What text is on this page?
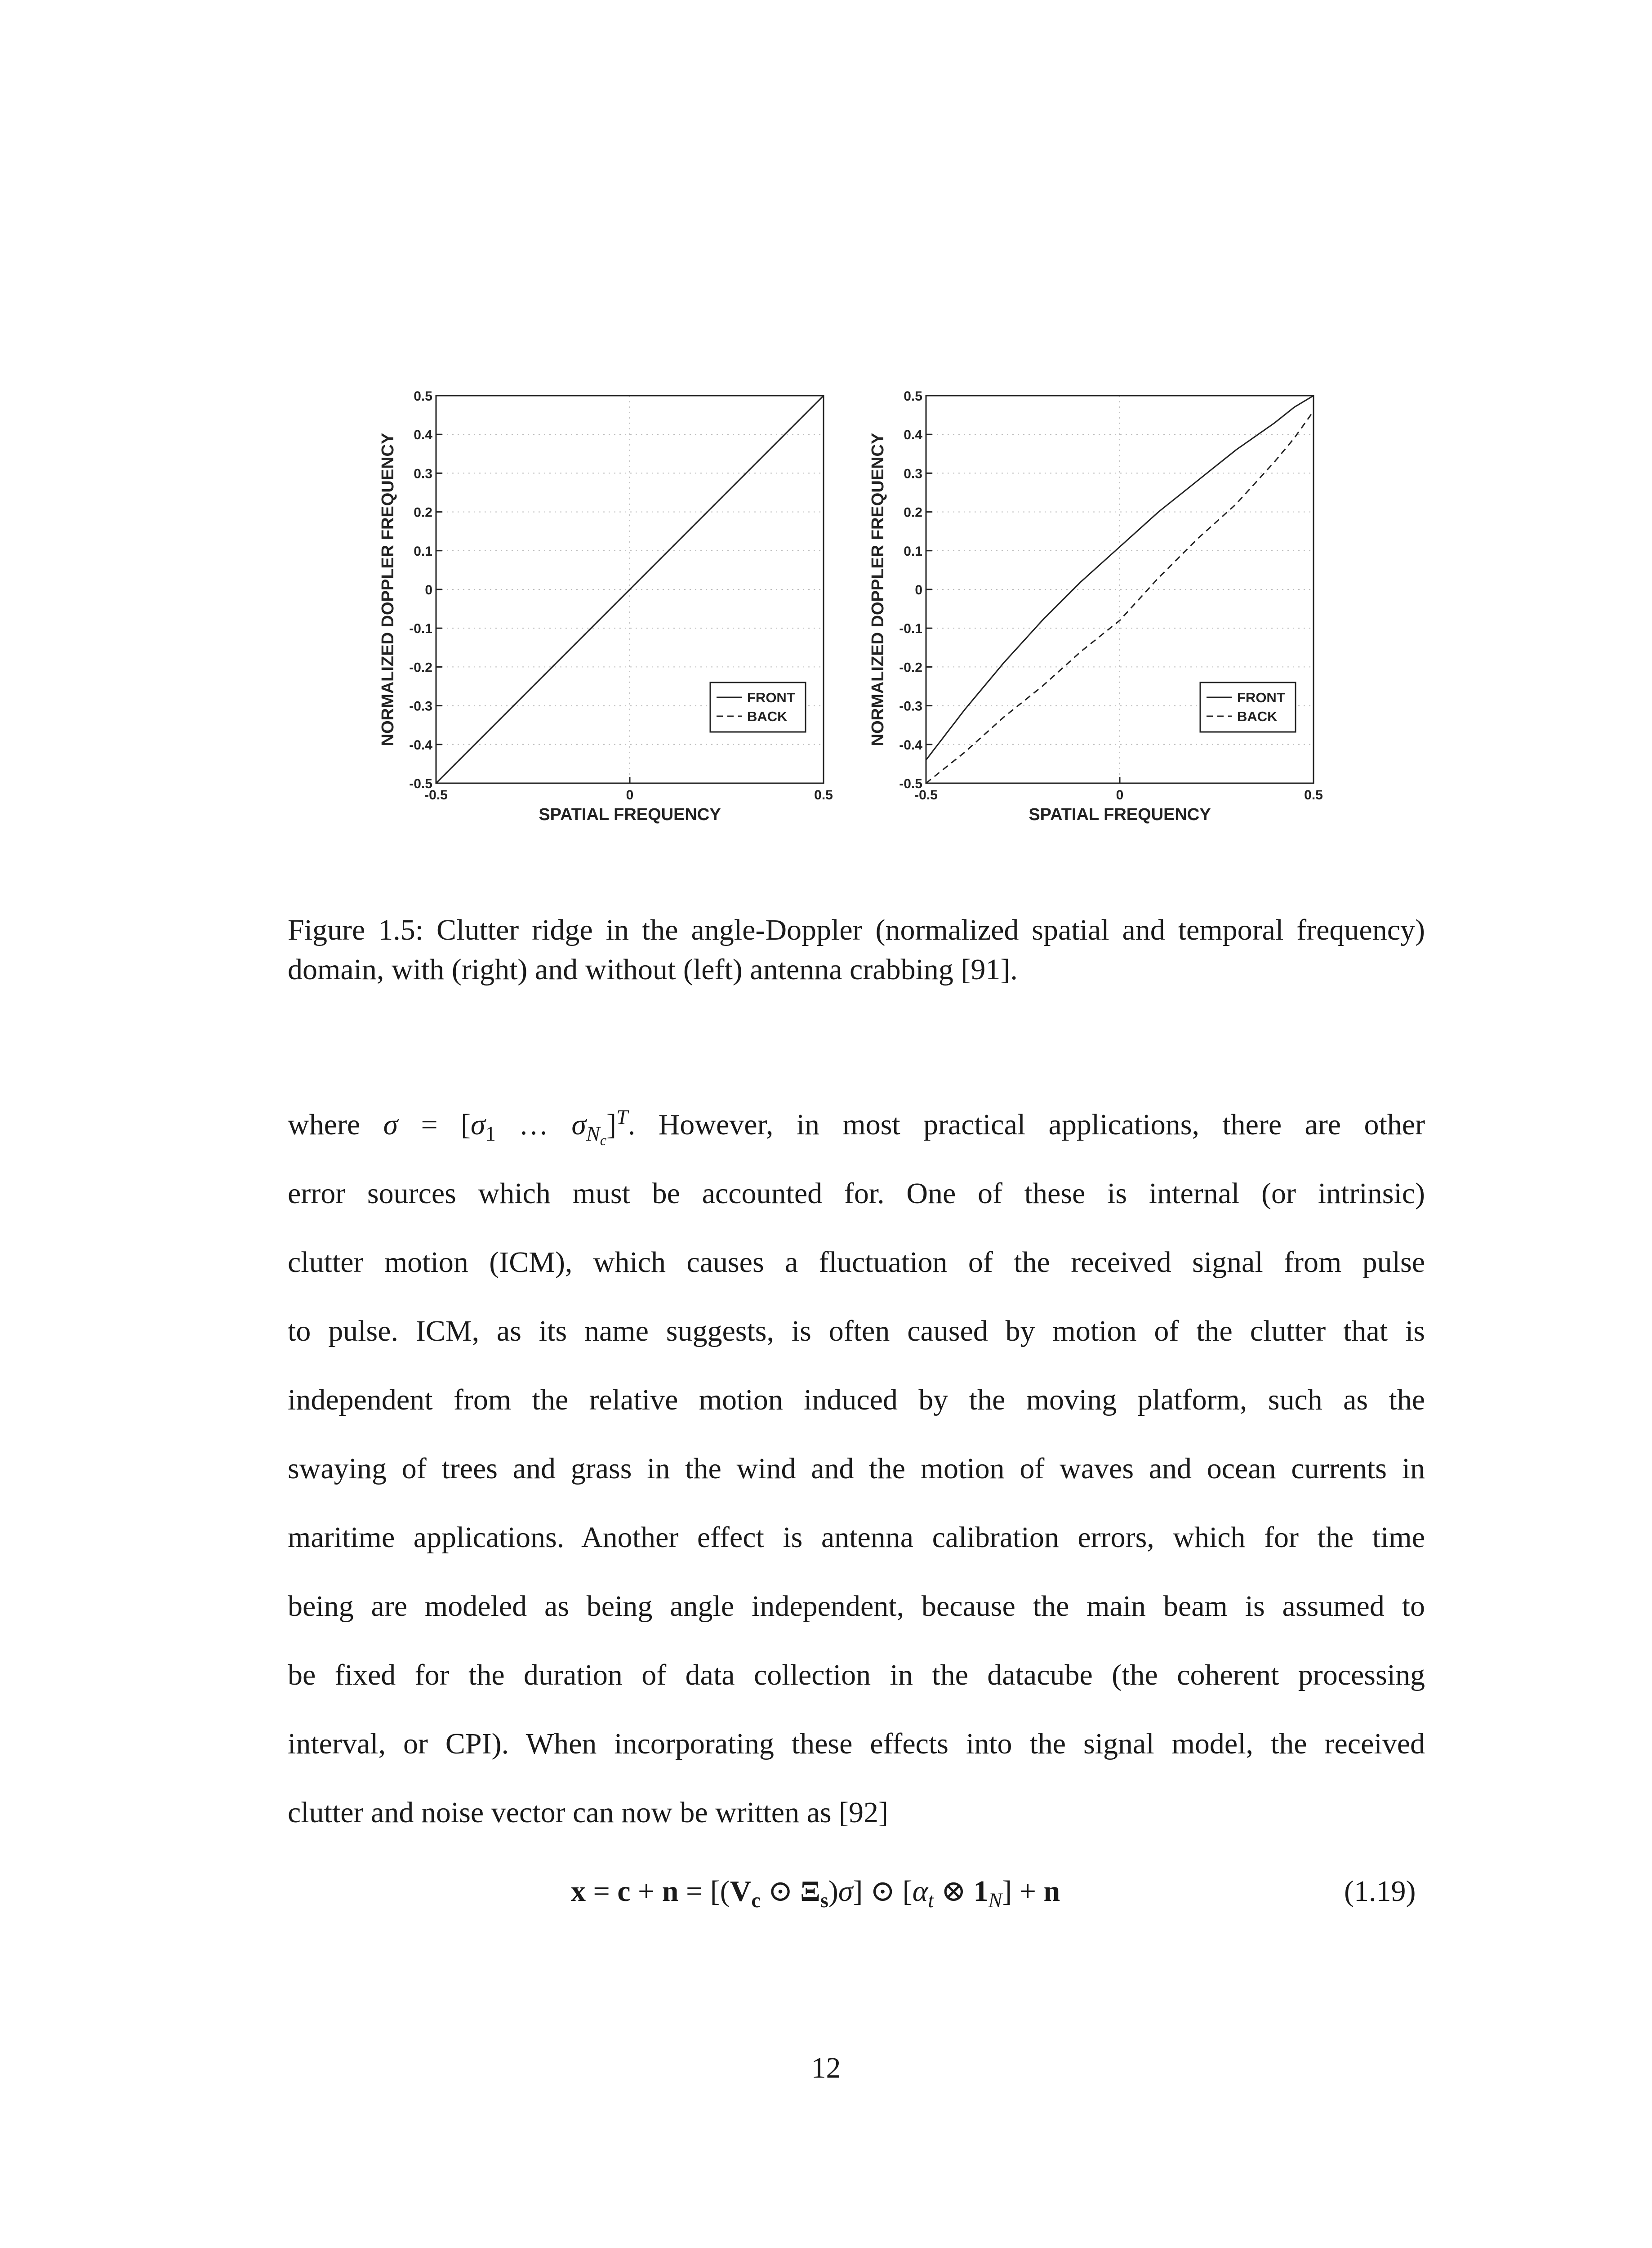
0.5
0.4
0.3
0.2
0.1
0
-0.1
-0.2
-0.3
-0.4
-0.5
-0.5	0	0.5
SPATIAL FREQUENCY
NORMALIZED DOPPLER FREQUENCY	FRONT
BACK
0.5
0.4
0.3
0.2
0.1
0
-0.1
-0.2
-0.3
-0.4
-0.5
-0.5	0	0.5
SPATIAL FREQUENCY
NORMALIZED DOPPLER FREQUENCY	FRONT
BACK
Figure 1.5: Clutter ridge in the angle-Doppler (normalized spatial and temporal frequency) domain, with (right) and without (left) antenna crabbing [91].
where $\sigma = [\sigma_1$ … $\sigma_{N_c}]^T$. However, in most practical applications, there are other
error sources which must be accounted for. One of these is internal (or intrinsic)
clutter motion (ICM), which causes a fluctuation of the received signal from pulse
to pulse. ICM, as its name suggests, is often caused by motion of the clutter that is
independent from the relative motion induced by the moving platform, such as the
swaying of trees and grass in the wind and the motion of waves and ocean currents in
maritime applications. Another effect is antenna calibration errors, which for the time
being are modeled as being angle independent, because the main beam is assumed to
be fixed for the duration of data collection in the datacube (the coherent processing
interval, or CPI). When incorporating these effects into the signal model, the received
clutter and noise vector can now be written as [92]
$x = c + n = [(V_c$ ⊙ $\Xi_s)\sigma$] ⊙ [$\alpha_t$ ⊗ $1_N] + n$	(1.19)
12
